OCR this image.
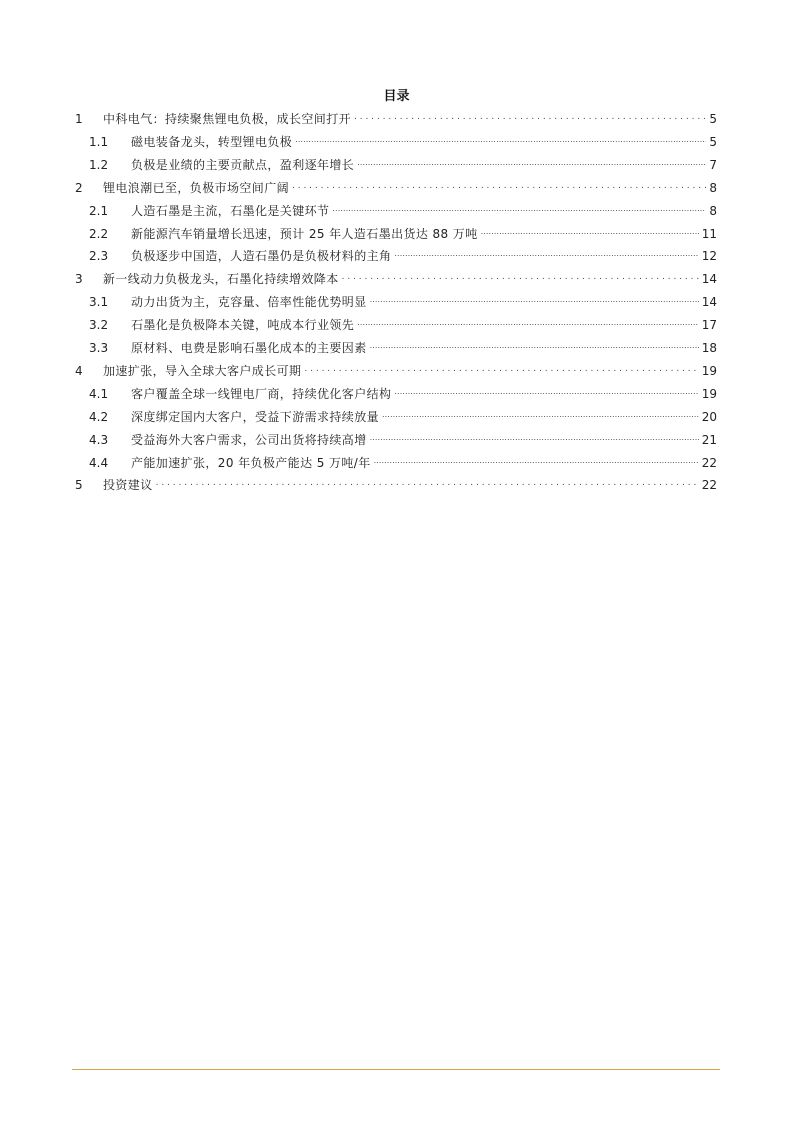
目录
1	中科电气：持续聚焦锂电负极，成长空间打开 . . .	5
1.1	磁电装备龙头，转型锂电负极 .....	5
1.2	负极是业绩的主要贡献点，盈利逐年增长 .....	7
2	锂电浪潮已至，负极市场空间广阔 . . .	8
2.1	人造石墨是主流，石墨化是关键环节 .....	8
2.2	新能源汽车销量增长迅速，预计 25 年人造石墨出货达 88 万吨 .....	11
2.3	负极逐步中国造，人造石墨仍是负极材料的主角 .....	12
3	新一线动力负极龙头，石墨化持续增效降本 . . .	14
3.1	动力出货为主，克容量、倍率性能优势明显 .....	14
3.2	石墨化是负极降本关键，吨成本行业领先 .....	17
3.3	原材料、电费是影响石墨化成本的主要因素 .....	18
4	加速扩张，导入全球大客户成长可期 . . .	19
4.1	客户覆盖全球一线锂电厂商，持续优化客户结构 .....	19
4.2	深度绑定国内大客户，受益下游需求持续放量 .....	20
4.3	受益海外大客户需求，公司出货将持续高增 .....	21
4.4	产能加速扩张，20 年负极产能达 5 万吨/年 .....	22
5	投资建议 . . .	22
